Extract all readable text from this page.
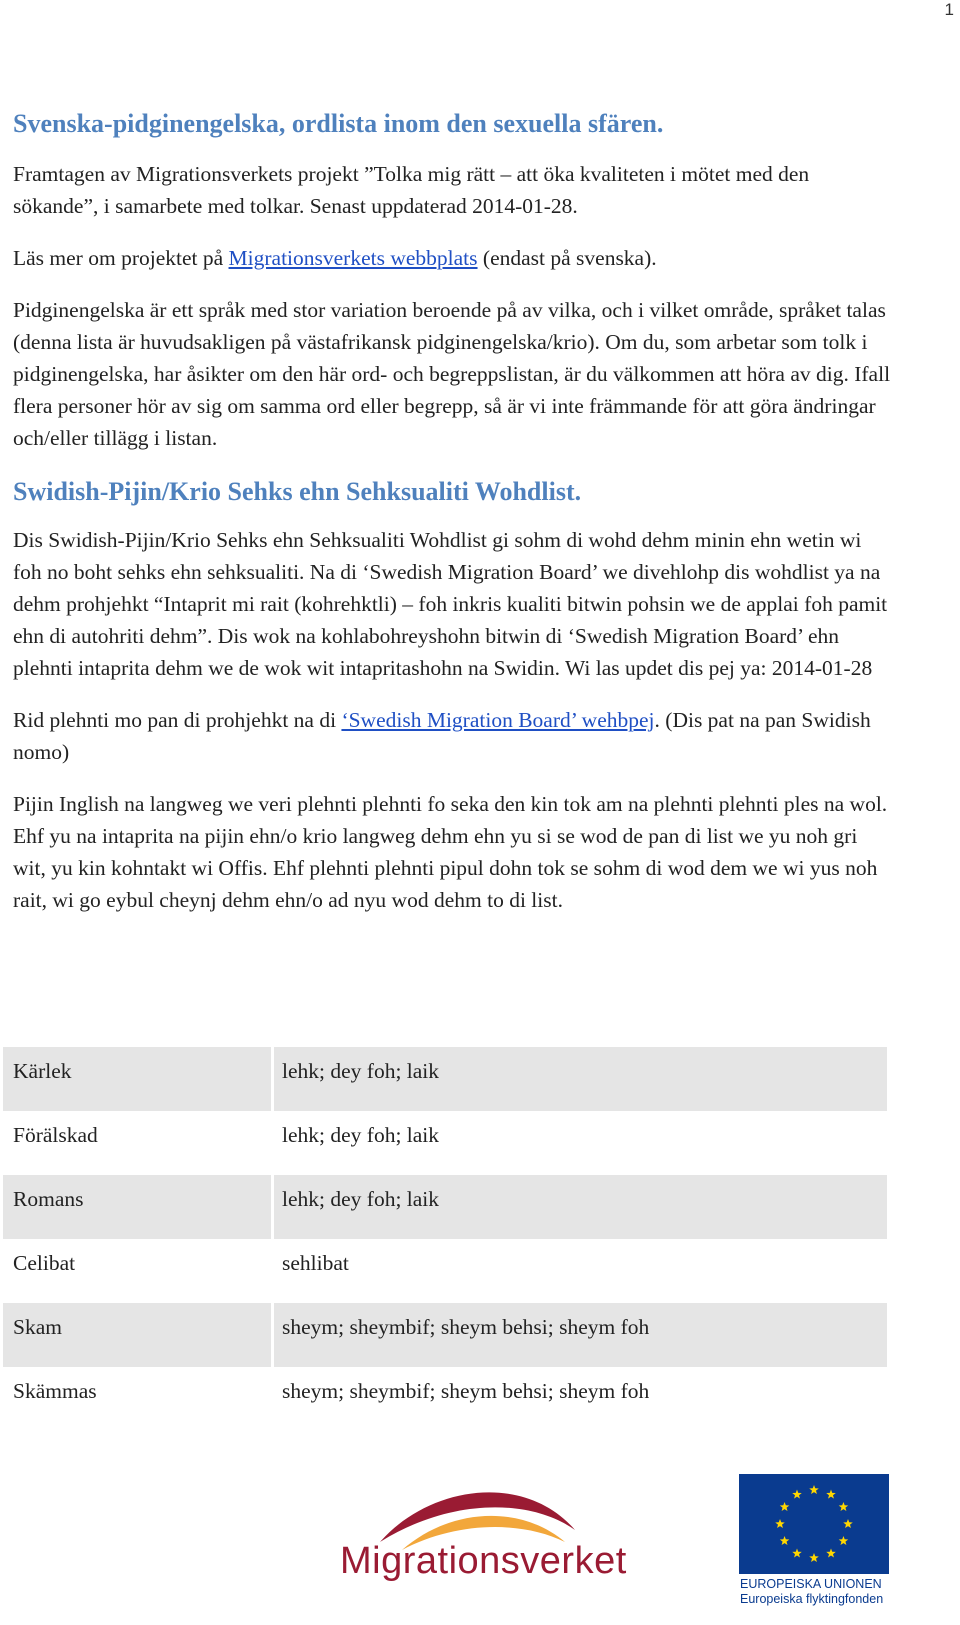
1
Svenska-pidginengelska, ordlista inom den sexuella sfären.

Framtagen av Migrationsverkets projekt ”Tolka mig rätt – att öka kvaliteten i mötet med den sökande”, i samarbete med tolkar. Senast uppdaterad 2014-01-28.

Läs mer om projektet på Migrationsverkets webbplats (endast på svenska).

Pidginengelska är ett språk med stor variation beroende på av vilka, och i vilket område, språket talas (denna lista är huvudsakligen på västafrikansk pidginengelska/krio). Om du, som arbetar som tolk i pidginengelska, har åsikter om den här ord- och begreppslistan, är du välkommen att höra av dig. Ifall flera personer hör av sig om samma ord eller begrepp, så är vi inte främmande för att göra ändringar och/eller tillägg i listan.

Swidish-Pijin/Krio Sehks ehn Sehksualiti Wohdlist.

Dis Swidish-Pijin/Krio Sehks ehn Sehksualiti Wohdlist gi sohm di wohd dehm minin ehn wetin wi foh no boht sehks ehn sehksualiti. Na di ‘Swedish Migration Board’ we divehlohp dis wohdlist ya na dehm prohjehkt “Intaprit mi rait (kohrehktli) – foh inkris kualiti bitwin pohsin we de applai foh pamit ehn di autohriti dehm”. Dis wok na kohlabohreyshohn bitwin di ‘Swedish Migration Board’ ehn plehnti intaprita dehm we de wok wit intapritashohn na Swidin. Wi las updet dis pej ya: 2014-01-28

Rid plehnti mo pan di prohjehkt na di ‘Swedish Migration Board’ wehbpej. (Dis pat na pan Swidish nomo)

Pijin Inglish na langweg we veri plehnti plehnti fo seka den kin tok am na plehnti plehnti ples na wol. Ehf yu na intaprita na pijin ehn/o krio langweg dehm ehn yu si se wod de pan di list we yu noh gri wit, yu kin kohntakt wi Offis. Ehf plehnti plehnti pipul dohn tok se sohm di wod dem we wi yus noh rait, wi go eybul cheynj dehm ehn/o ad nyu wod dehm to di list.

Kärlek	lehk; dey foh; laik
Förälskad	lehk; dey foh; laik
Romans	lehk; dey foh; laik
Celibat	sehlibat
Skam	sheym; sheymbif; sheym behsi; sheym foh
Skämmas	sheym; sheymbif; sheym behsi; sheym foh
Migrationsverket
EUROPEISKA UNIONEN
Europeiska flyktingfonden
